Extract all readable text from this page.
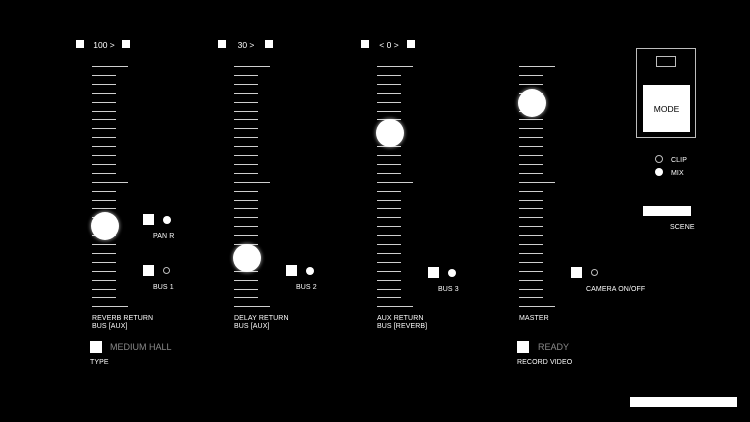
100 >
PAN R
BUS 1
REVERB RETURN
BUS [AUX]
30 >
BUS 2
DELAY RETURN
BUS [AUX]
< 0 >
BUS 3
AUX RETURN
BUS [REVERB]
CAMERA ON/OFF
MASTER
MEDIUM HALL
TYPE
READY
RECORD VIDEO
MODE
CLIP
MIX
SCENE
